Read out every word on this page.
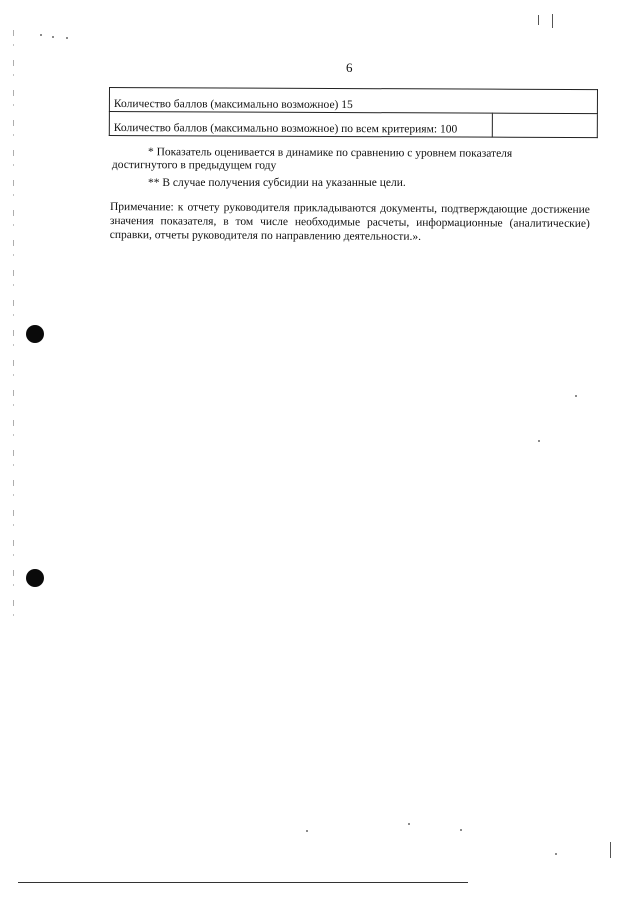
6
Количество баллов (максимально возможное) 15
Количество баллов (максимально возможное) по всем критериям: 100	
* Показатель оценивается в динамике по сравнению с уровнем показателя
достигнутого в предыдущем году
** В случае получения субсидии на указанные цели.
Примечание: к отчету руководителя прикладываются документы, подтверждающие достижение значения показателя, в том числе необходимые расчеты, информационные (аналитические) справки, отчеты руководителя по направлению деятельности.».
